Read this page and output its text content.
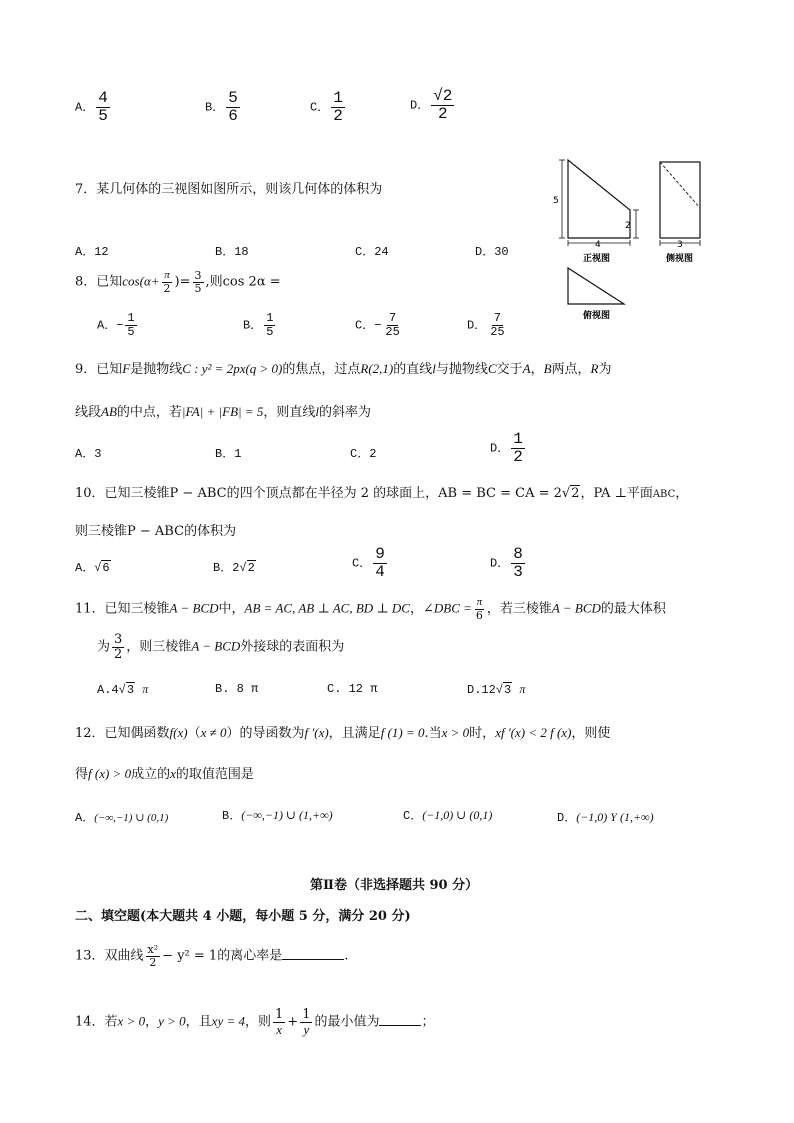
A． $\frac{4}{5}$	B． $\frac{5}{6}$	C． $\frac{1}{2}$	D． $\frac{√2}{2}$
7．某几何体的三视图如图所示，则该几何体的体积为
A．12	B．18	C．24	D．30
5
2
4
正视图
3
侧视图
俯视图
8．已知$\cos(\alpha+ \frac{\pi}{2}$ )= $\frac{3}{5}$ ,则cos 2α =
A．− $\frac{1}{5}$	B． $\frac{1}{5}$	C．− $\frac{7}{25}$	D． $\frac{7}{25}$
9．已知F是抛物线C : y² = 2px(q > 0)的焦点，过点R(2,1)的直线l与抛物线C交于A，B两点，R为
线段AB的中点，若|FA| + |FB| = 5，则直线l的斜率为
A．3	B．1	C．2	D． $\frac{1}{2}$
10．已知三棱锥P − ABC的四个顶点都在半径为 2 的球面上，AB = BC = CA = 2√2，PA ⊥平面ABC，
则三棱锥P − ABC的体积为
A．√6	B．2√2	C． $\frac{9}{4}$	D． $\frac{8}{3}$
11．已知三棱锥A − BCD中，AB = AC, AB ⊥ AC, BD ⊥ DC，∠DBC = $\frac{\pi}{6}$ ，若三棱锥A − BCD的最大体积
为 $\frac{3}{2}$ ，则三棱锥A − BCD外接球的表面积为
A.4√3 π	B. 8 π	C. 12 π	D.12√3 π
12．已知偶函数f(x)（x ≠ 0）的导函数为f ′(x)，且满足f (1) = 0.当x > 0时，xf ′(x) < 2 f (x)，则使
得f (x) > 0成立的x的取值范围是
A．(−∞,−1) ∪ (0,1)	B．(−∞,−1) ∪ (1,+∞)	C．(−1,0) ∪ (0,1)	D．(−1,0) Y (1,+∞)
第Ⅱ卷（非选择题共 90 分）
二、填空题(本大题共 4 小题，每小题 5 分，满分 20 分)
13．双曲线 $\frac{\text{x²}}{2} - y^2 = 1$的离心率是	.
14．若x > 0，y > 0，且xy = 4，则 $\frac{1}{x} + \frac{1}{y}$ 的最小值为	；
